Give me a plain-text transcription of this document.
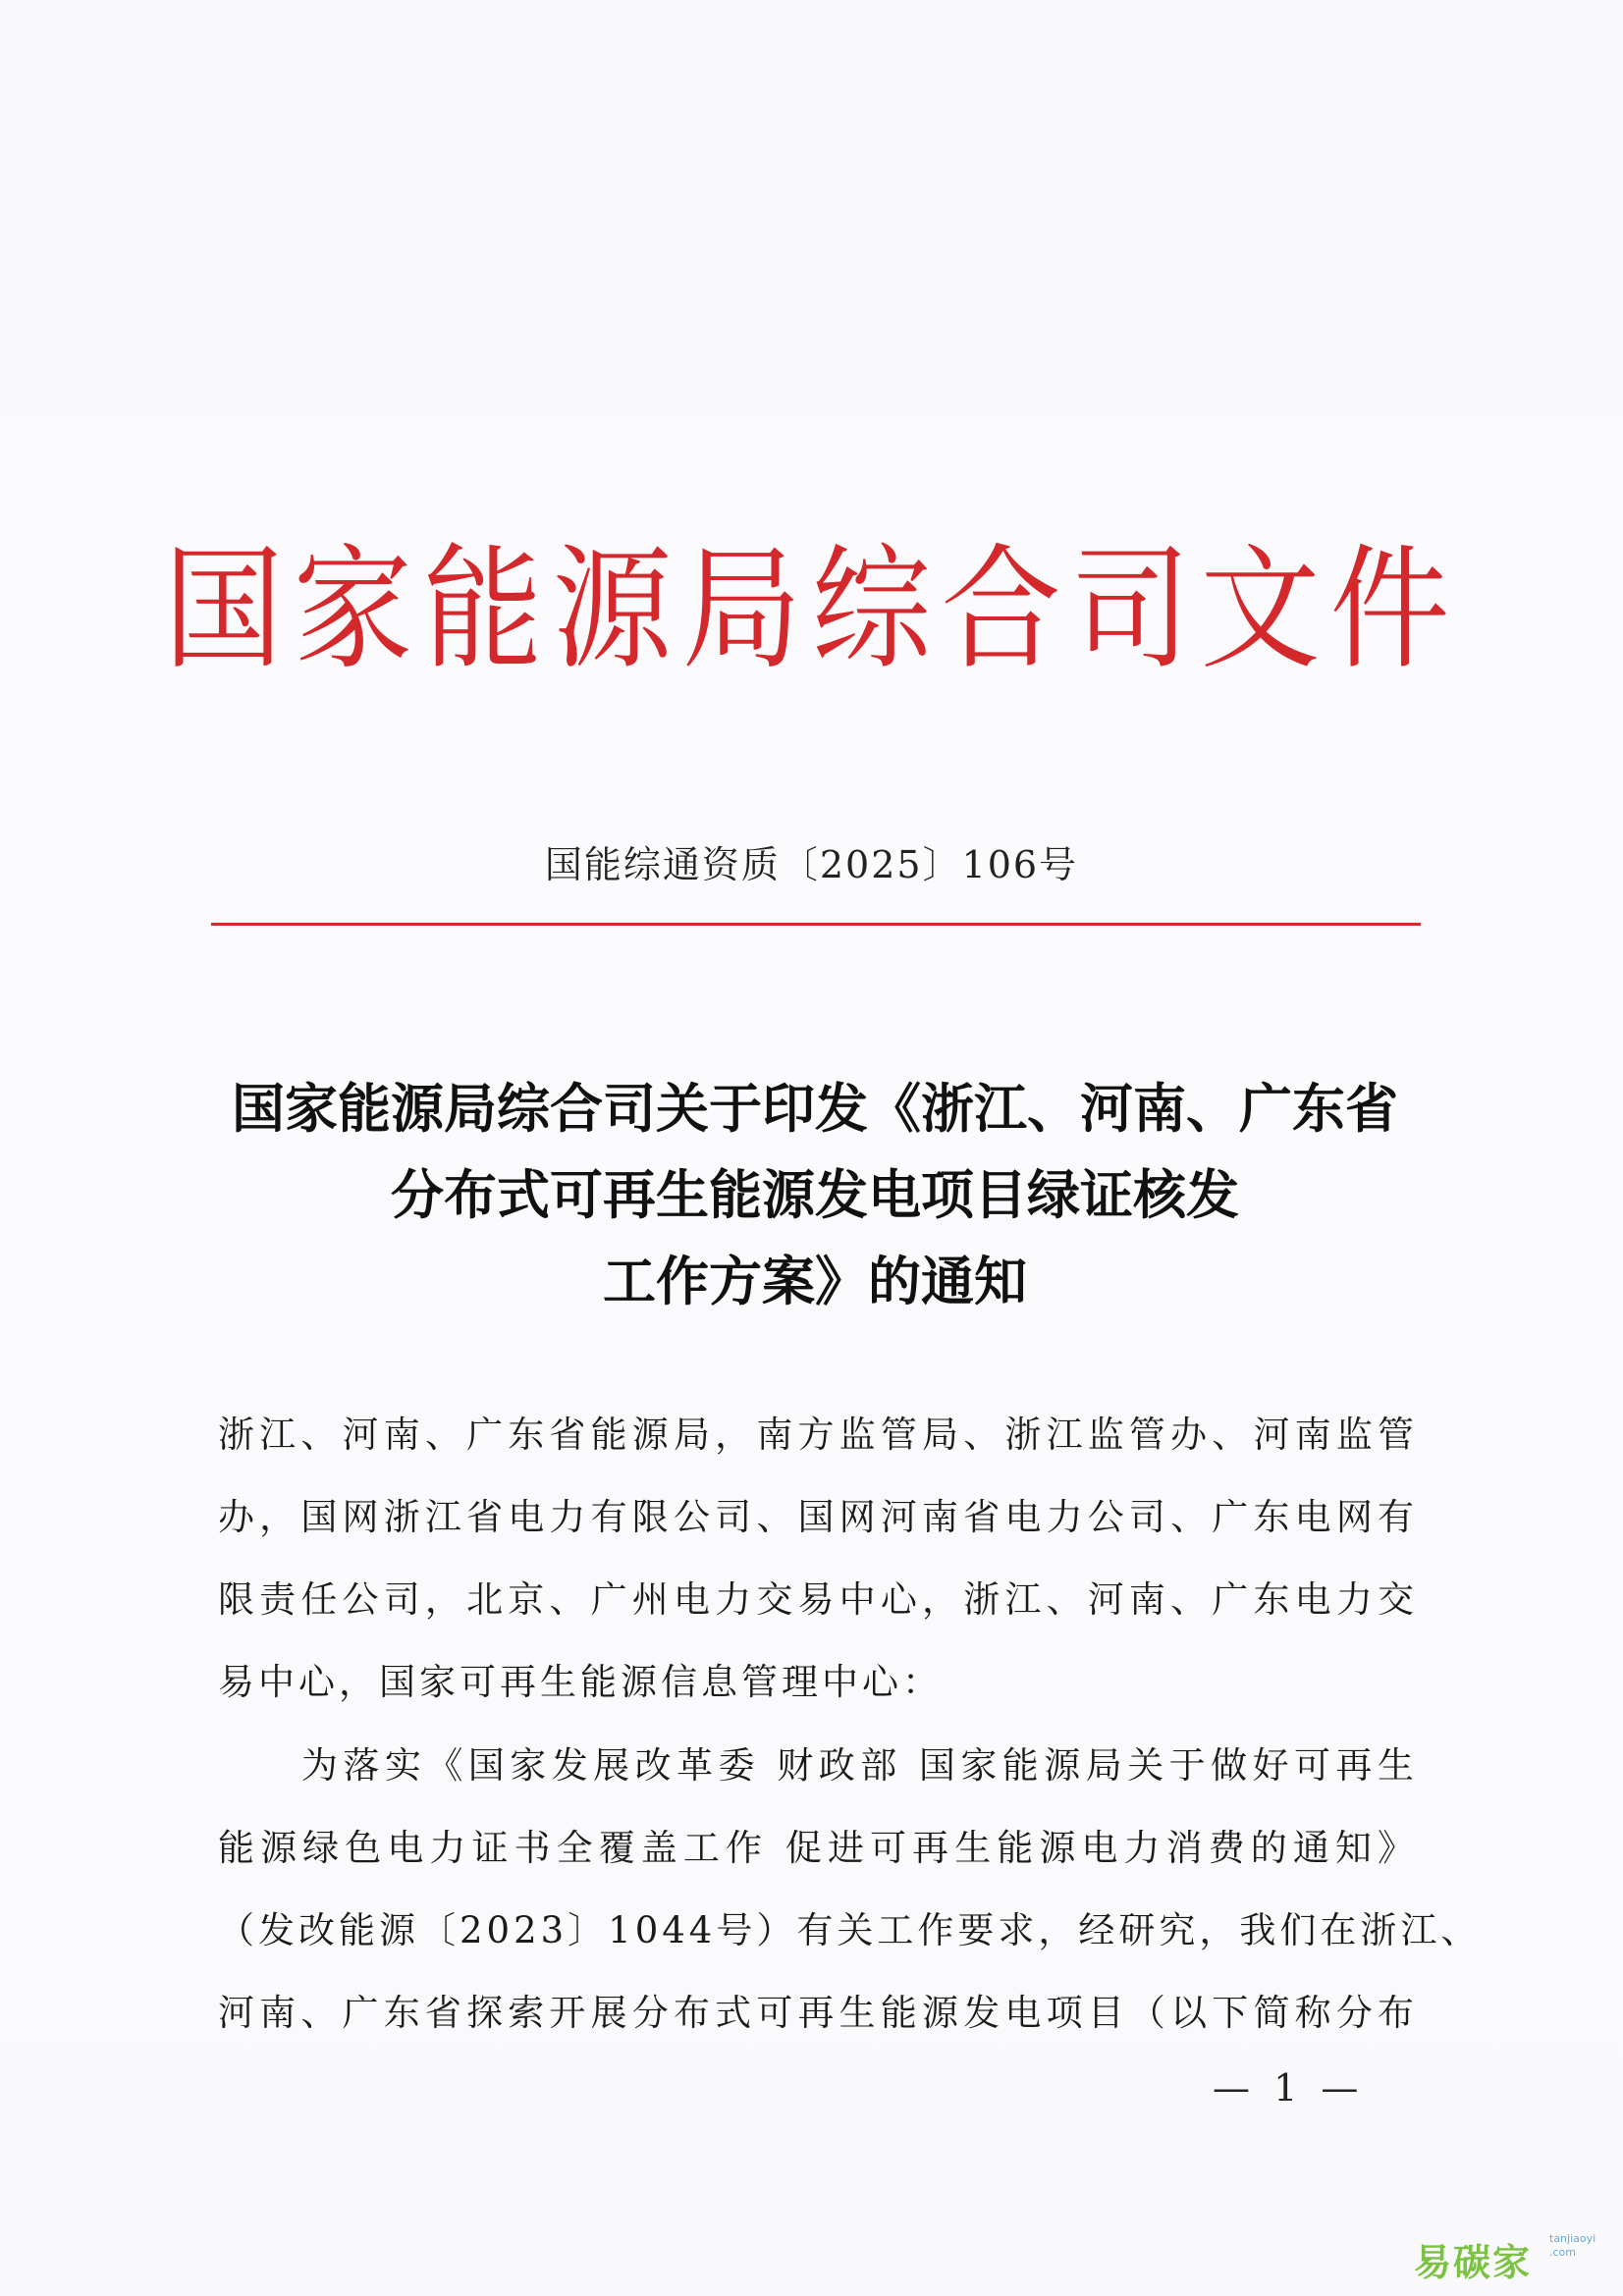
国家能源局综合司文件
国能综通资质〔2025〕106号
国家能源局综合司关于印发《浙江、河南、广东省
分布式可再生能源发电项目绿证核发
工作方案》的通知
浙江、河南、广东省能源局，南方监管局、浙江监管办、河南监管
办，国网浙江省电力有限公司、国网河南省电力公司、广东电网有
限责任公司，北京、广州电力交易中心，浙江、河南、广东电力交
易中心，国家可再生能源信息管理中心：
　　为落实《国家发展改革委 财政部 国家能源局关于做好可再生
能源绿色电力证书全覆盖工作 促进可再生能源电力消费的通知》
（发改能源〔2023〕1044号）有关工作要求，经研究，我们在浙江、
河南、广东省探索开展分布式可再生能源发电项目（以下简称分布
— 1 —
易碳家
tanjiaoyi
.com
